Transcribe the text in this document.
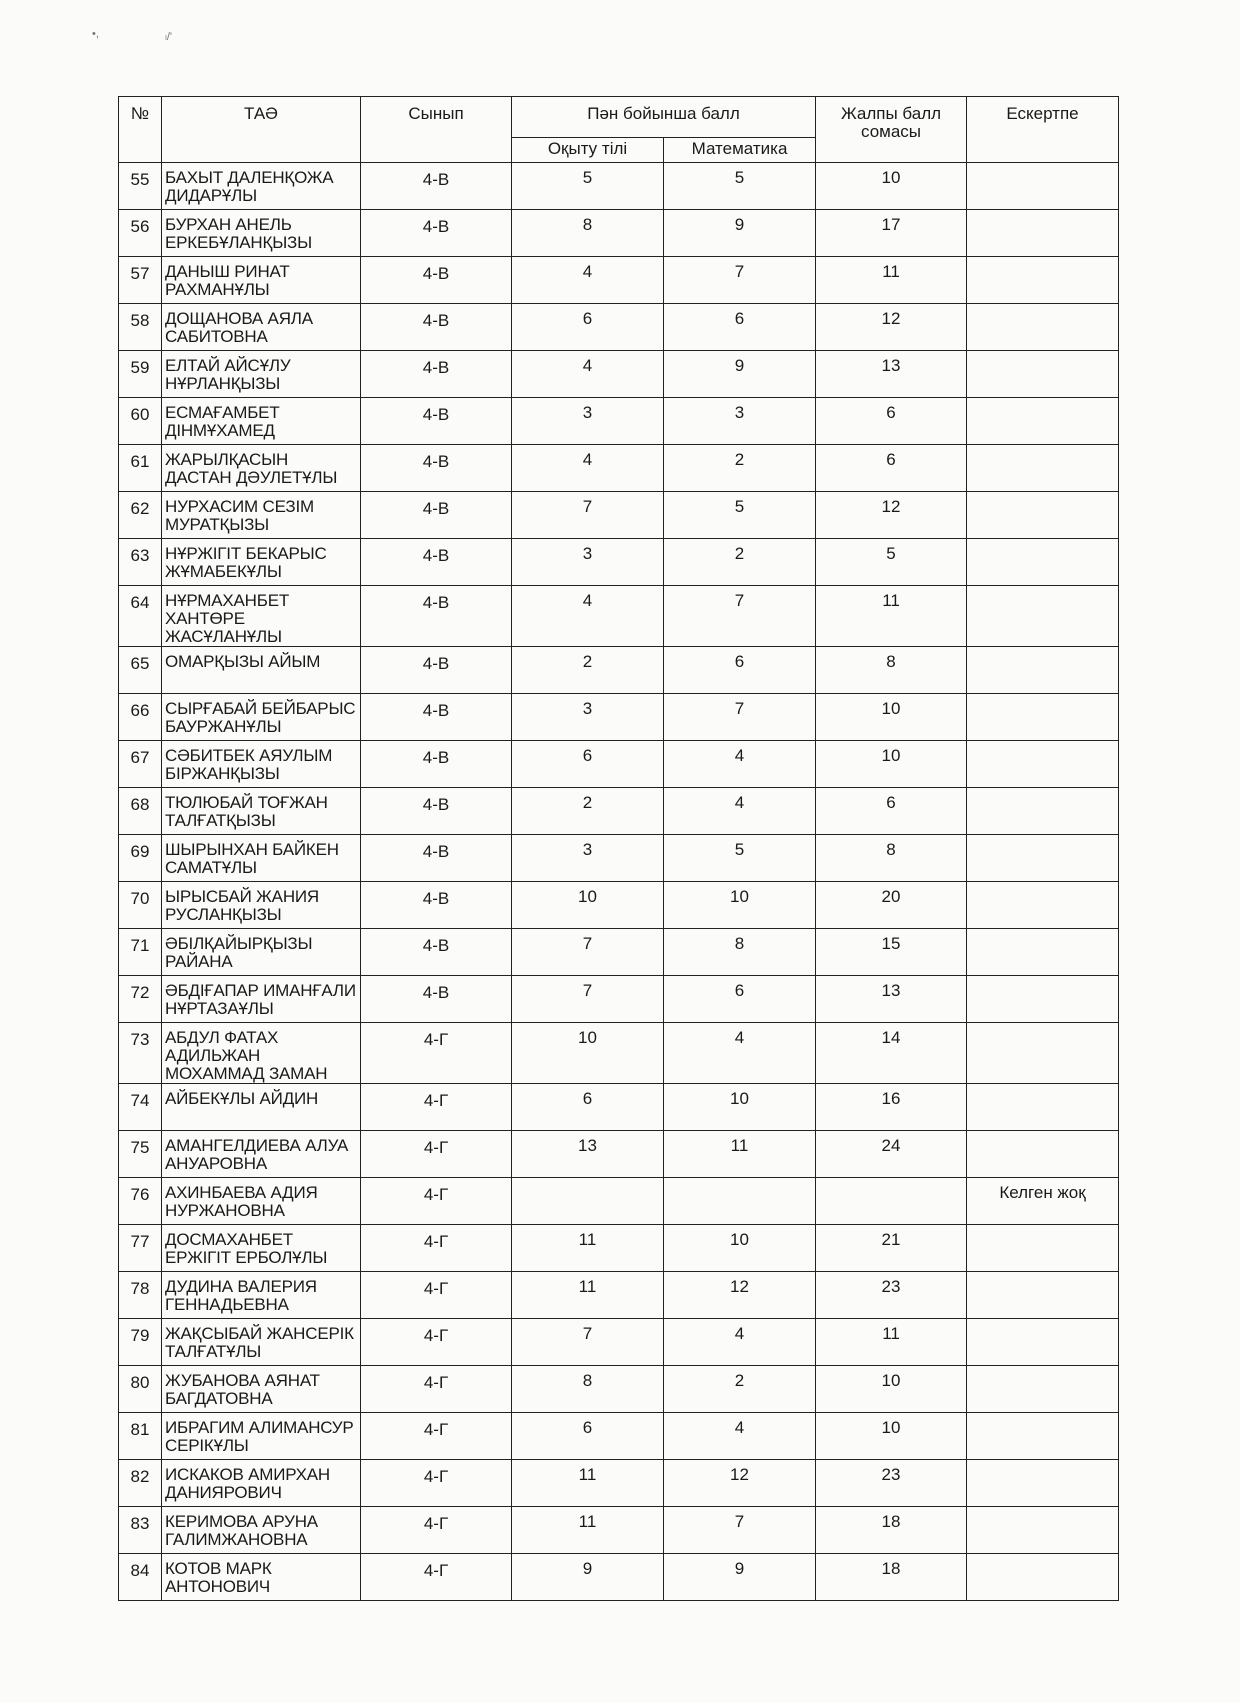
•,	ₗ/'
№	ТАӘ	Сынып	Пән бойынша балл		Жалпы балл сомасы	Ескертпе
			Оқыту тілі	Математика		
55	БАХЫТ ДАЛЕНҚОЖА ДИДАРҰЛЫ	4-В	5	5	10	
56	БУРХАН АНЕЛЬ ЕРКЕБҰЛАНҚЫЗЫ	4-В	8	9	17	
57	ДАНЫШ РИНАТ РАХМАНҰЛЫ	4-В	4	7	11	
58	ДОЩАНОВА АЯЛА САБИТОВНА	4-В	6	6	12	
59	ЕЛТАЙ АЙСҰЛУ НҰРЛАНҚЫЗЫ	4-В	4	9	13	
60	ЕСМАҒАМБЕТ ДІНМҰХАМЕД	4-В	3	3	6	
61	ЖАРЫЛҚАСЫН ДАСТАН ДӘУЛЕТҰЛЫ	4-В	4	2	6	
62	НУРХАСИМ СЕЗІМ МУРАТҚЫЗЫ	4-В	7	5	12	
63	НҰРЖІГІТ БЕКАРЫС ЖҰМАБЕКҰЛЫ	4-В	3	2	5	
64	НҰРМАХАНБЕТ ХАНТӨРЕ ЖАСҰЛАНҰЛЫ	4-В	4	7	11	
65	ОМАРҚЫЗЫ АЙЫМ	4-В	2	6	8	
66	СЫРҒАБАЙ БЕЙБАРЫС БАУРЖАНҰЛЫ	4-В	3	7	10	
67	СӘБИТБЕК АЯУЛЫМ БІРЖАНҚЫЗЫ	4-В	6	4	10	
68	ТЮЛЮБАЙ ТОҒЖАН ТАЛҒАТҚЫЗЫ	4-В	2	4	6	
69	ШЫРЫНХАН БАЙКЕН САМАТҰЛЫ	4-В	3	5	8	
70	ЫРЫСБАЙ ЖАНИЯ РУСЛАНҚЫЗЫ	4-В	10	10	20	
71	ӘБІЛҚАЙЫРҚЫЗЫ РАЙАНА	4-В	7	8	15	
72	ӘБДІҒАПАР ИМАНҒАЛИ НҰРТАЗАҰЛЫ	4-В	7	6	13	
73	АБДУЛ ФАТАХ АДИЛЬЖАН МОХАММАД ЗАМАН	4-Г	10	4	14	
74	АЙБЕКҰЛЫ АЙДИН	4-Г	6	10	16	
75	АМАНГЕЛДИЕВА АЛУА АНУАРОВНА	4-Г	13	11	24	
76	АХИНБАЕВА АДИЯ НУРЖАНОВНА	4-Г				Келген жоқ
77	ДОСМАХАНБЕТ ЕРЖІГІТ ЕРБОЛҰЛЫ	4-Г	11	10	21	
78	ДУДИНА ВАЛЕРИЯ ГЕННАДЬЕВНА	4-Г	11	12	23	
79	ЖАҚСЫБАЙ ЖАНСЕРІК ТАЛҒАТҰЛЫ	4-Г	7	4	11	
80	ЖУБАНОВА АЯНАТ БАГДАТОВНА	4-Г	8	2	10	
81	ИБРАГИМ АЛИМАНСУР СЕРІКҰЛЫ	4-Г	6	4	10	
82	ИСКАКОВ АМИРХАН ДАНИЯРОВИЧ	4-Г	11	12	23	
83	КЕРИМОВА АРУНА ГАЛИМЖАНОВНА	4-Г	11	7	18	
84	КОТОВ МАРК АНТОНОВИЧ	4-Г	9	9	18	
